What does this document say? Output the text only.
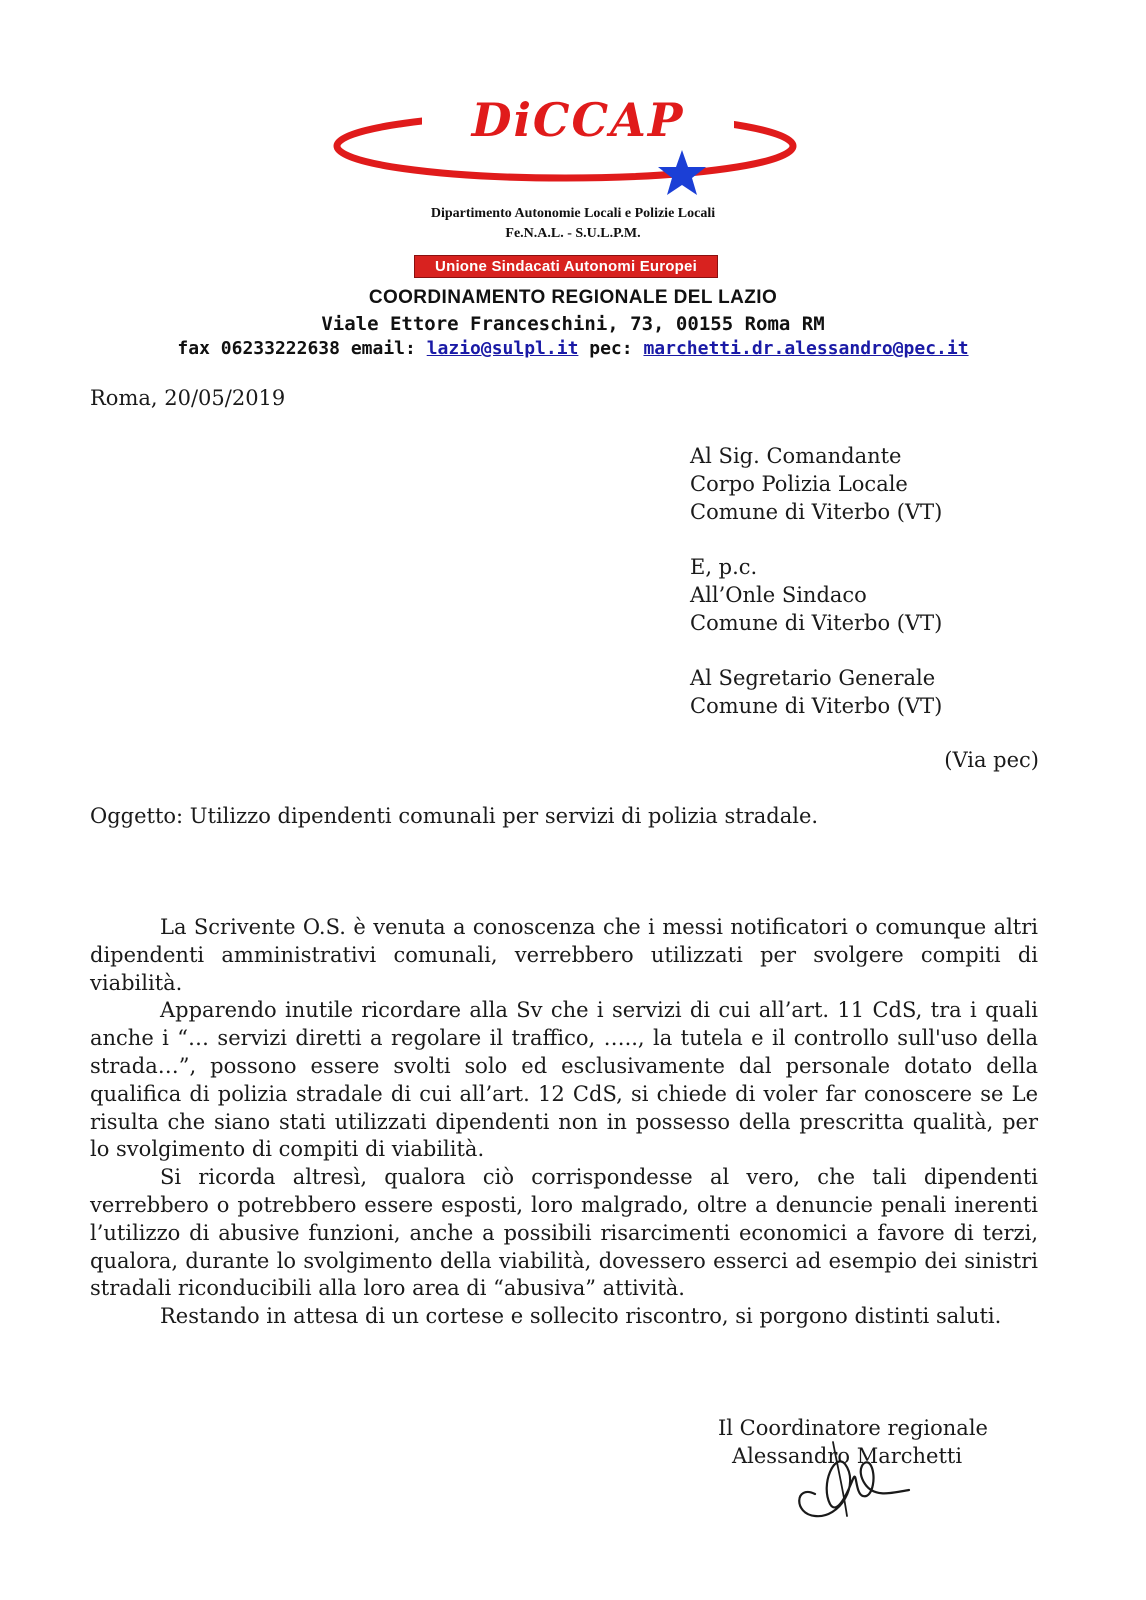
DiCCAP
Dipartimento Autonomie Locali e Polizie Locali
Fe.N.A.L. - S.U.L.P.M.
Unione Sindacati Autonomi Europei
COORDINAMENTO REGIONALE DEL LAZIO
Viale Ettore Franceschini, 73, 00155 Roma RM
fax 06233222638 email: lazio@sulpl.it pec: marchetti.dr.alessandro@pec.it
Roma, 20/05/2019
Al Sig. Comandante
Corpo Polizia Locale
Comune di Viterbo (VT)
E, p.c.
All’Onle Sindaco
Comune di Viterbo (VT)
Al Segretario Generale
Comune di Viterbo (VT)
(Via pec)
Oggetto: Utilizzo dipendenti comunali per servizi di polizia stradale.

La Scrivente O.S. è venuta a conoscenza che i messi notificatori o comunque altri dipendenti amministrativi comunali, verrebbero utilizzati per svolgere compiti di viabilità.

Apparendo inutile ricordare alla Sv che i servizi di cui all’art. 11 CdS, tra i quali anche i “… servizi diretti a regolare il traffico, ….., la tutela e il controllo sull'uso della strada…”, possono essere svolti solo ed esclusivamente dal personale dotato della qualifica di polizia stradale di cui all’art. 12 CdS, si chiede di voler far conoscere se Le risulta che siano stati utilizzati dipendenti non in possesso della prescritta qualità, per lo svolgimento di compiti di viabilità.

Si ricorda altresì, qualora ciò corrispondesse al vero, che tali dipendenti verrebbero o potrebbero essere esposti, loro malgrado, oltre a denuncie penali inerenti l’utilizzo di abusive funzioni, anche a possibili risarcimenti economici a favore di terzi, qualora, durante lo svolgimento della viabilità, dovessero esserci ad esempio dei sinistri stradali riconducibili alla loro area di “abusiva” attività.

Restando in attesa di un cortese e sollecito riscontro, si porgono distinti saluti.

Il Coordinatore regionale
Alessandro Marchetti
